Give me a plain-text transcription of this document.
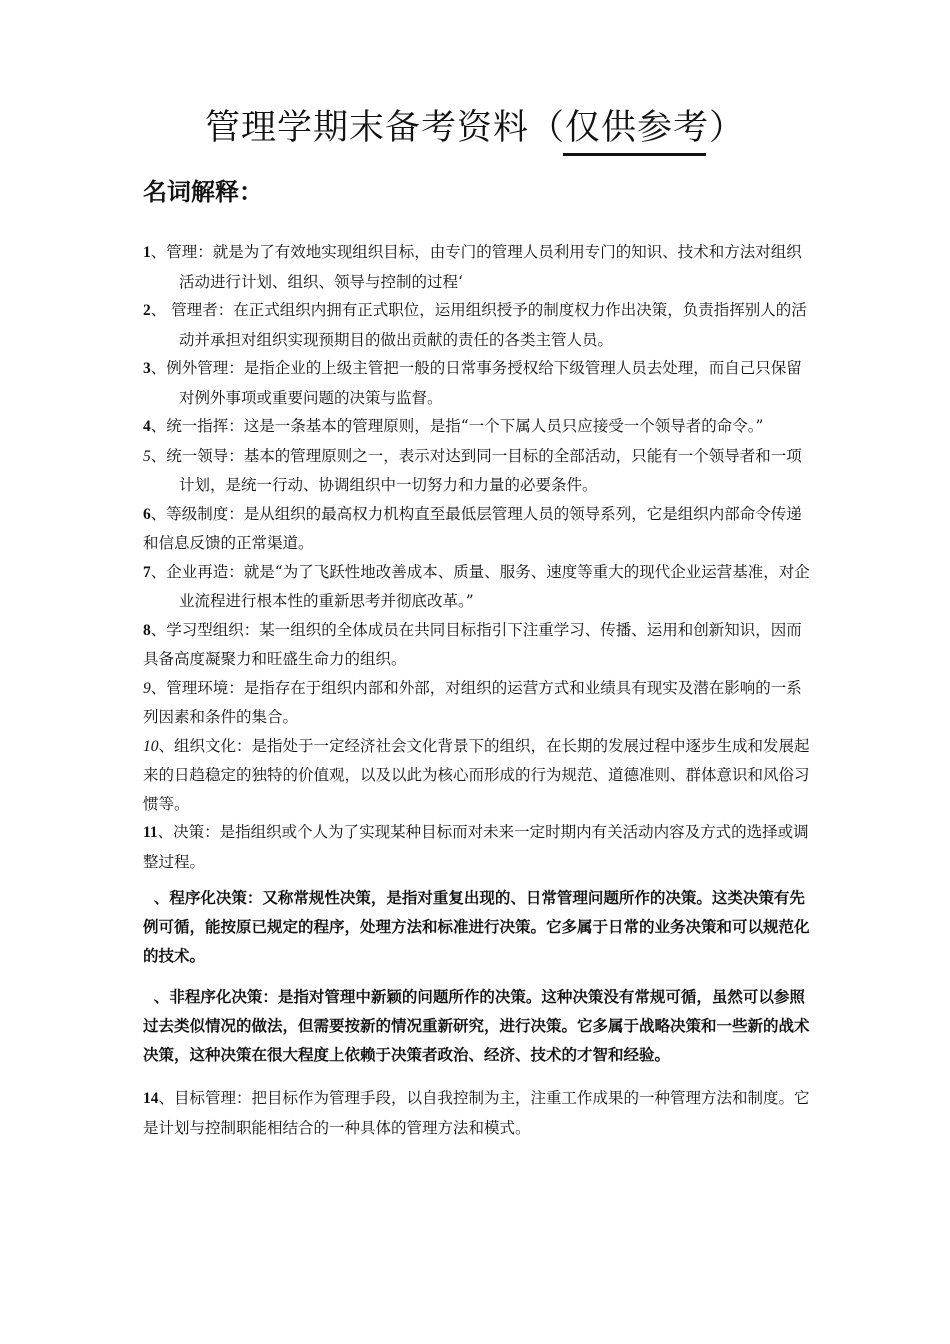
管理学期末备考资料（仅供参考）
名词解释：

1、管理：就是为了有效地实现组织目标，由专门的管理人员利用专门的知识、技术和方法对组织活动进行计划、组织、领导与控制的过程‘

2、 管理者：在正式组织内拥有正式职位，运用组织授予的制度权力作出决策，负责指挥别人的活动并承担对组织实现预期目的做出贡献的责任的各类主管人员。

3、例外管理：是指企业的上级主管把一般的日常事务授权给下级管理人员去处理，而自己只保留对例外事项或重要问题的决策与监督。

4、统一指挥：这是一条基本的管理原则，是指“一个下属人员只应接受一个领导者的命令。”

5、统一领导：基本的管理原则之一，表示对达到同一目标的全部活动，只能有一个领导者和一项计划，是统一行动、协调组织中一切努力和力量的必要条件。

6、等级制度：是从组织的最高权力机构直至最低层管理人员的领导系列，它是组织内部命令传递和信息反馈的正常渠道。

7、企业再造：就是“为了飞跃性地改善成本、质量、服务、速度等重大的现代企业运营基准，对企业流程进行根本性的重新思考并彻底改革。”

8、学习型组织：某一组织的全体成员在共同目标指引下注重学习、传播、运用和创新知识，因而具备高度凝聚力和旺盛生命力的组织。

9、管理环境：是指存在于组织内部和外部，对组织的运营方式和业绩具有现实及潜在影响的一系列因素和条件的集合。

10、组织文化：是指处于一定经济社会文化背景下的组织，在长期的发展过程中逐步生成和发展起来的日趋稳定的独特的价值观，以及以此为核心而形成的行为规范、道德准则、群体意识和风俗习惯等。

11、决策：是指组织或个人为了实现某种目标而对未来一定时期内有关活动内容及方式的选择或调整过程。

、程序化决策：又称常规性决策，是指对重复出现的、日常管理问题所作的决策。这类决策有先例可循，能按原已规定的程序，处理方法和标准进行决策。它多属于日常的业务决策和可以规范化的技术。

、非程序化决策：是指对管理中新颖的问题所作的决策。这种决策没有常规可循，虽然可以参照过去类似情况的做法，但需要按新的情况重新研究，进行决策。它多属于战略决策和一些新的战术决策，这种决策在很大程度上依赖于决策者政治、经济、技术的才智和经验。

14、目标管理：把目标作为管理手段，以自我控制为主，注重工作成果的一种管理方法和制度。它是计划与控制职能相结合的一种具体的管理方法和模式。
